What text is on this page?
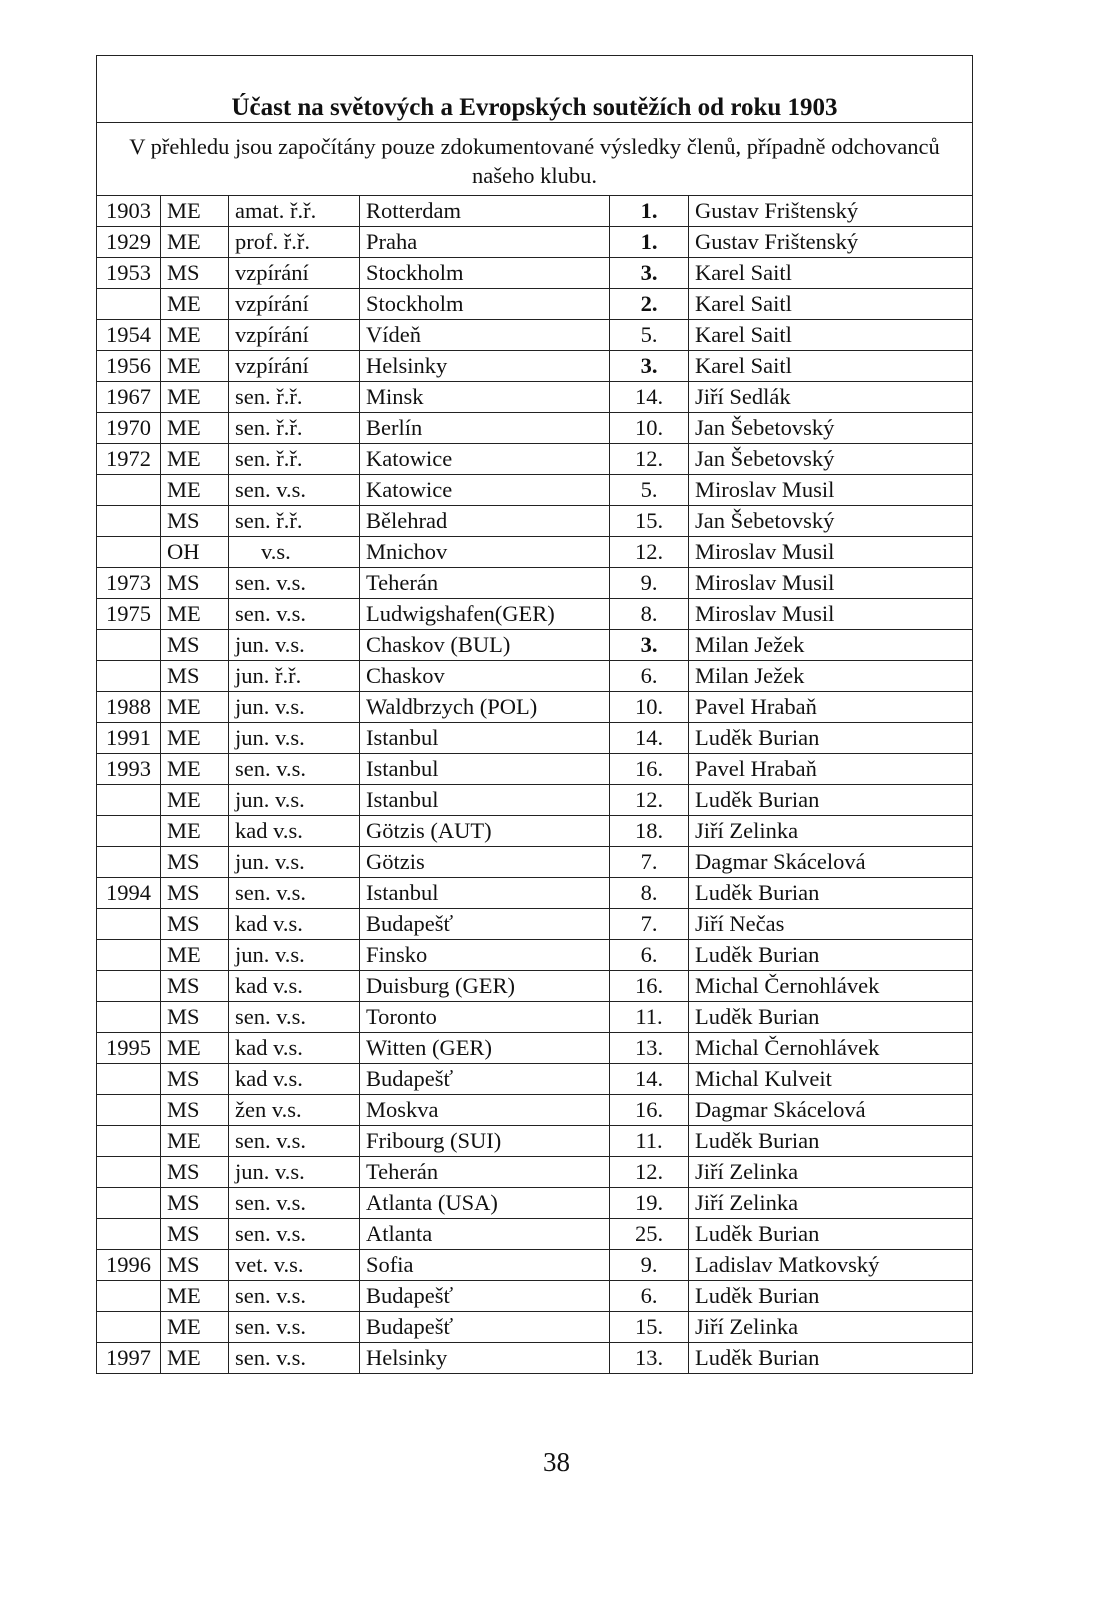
Účast na světových a Evropských soutěžích od roku 1903
V přehledu jsou započítány pouze zdokumentované výsledky členů, případně odchovanců našeho klubu.
1903	ME	amat. ř.ř.	Rotterdam	1.	Gustav Frištenský
1929	ME	prof. ř.ř.	Praha	1.	Gustav Frištenský
1953	MS	vzpírání	Stockholm	3.	Karel Saitl
	ME	vzpírání	Stockholm	2.	Karel Saitl
1954	ME	vzpírání	Vídeň	5.	Karel Saitl
1956	ME	vzpírání	Helsinky	3.	Karel Saitl
1967	ME	sen. ř.ř.	Minsk	14.	Jiří Sedlák
1970	ME	sen. ř.ř.	Berlín	10.	Jan Šebetovský
1972	ME	sen. ř.ř.	Katowice	12.	Jan Šebetovský
	ME	sen. v.s.	Katowice	5.	Miroslav Musil
	MS	sen. ř.ř.	Bělehrad	15.	Jan Šebetovský
	OH	v.s.	Mnichov	12.	Miroslav Musil
1973	MS	sen. v.s.	Teherán	9.	Miroslav Musil
1975	ME	sen. v.s.	Ludwigshafen(GER)	8.	Miroslav Musil
	MS	jun. v.s.	Chaskov (BUL)	3.	Milan Ježek
	MS	jun. ř.ř.	Chaskov	6.	Milan Ježek
1988	ME	jun. v.s.	Waldbrzych (POL)	10.	Pavel Hrabaň
1991	ME	jun. v.s.	Istanbul	14.	Luděk Burian
1993	ME	sen. v.s.	Istanbul	16.	Pavel Hrabaň
	ME	jun. v.s.	Istanbul	12.	Luděk Burian
	ME	kad v.s.	Götzis (AUT)	18.	Jiří Zelinka
	MS	jun. v.s.	Götzis	7.	Dagmar Skácelová
1994	MS	sen. v.s.	Istanbul	8.	Luděk Burian
	MS	kad v.s.	Budapešť	7.	Jiří Nečas
	ME	jun. v.s.	Finsko	6.	Luděk Burian
	MS	kad v.s.	Duisburg (GER)	16.	Michal Černohlávek
	MS	sen. v.s.	Toronto	11.	Luděk Burian
1995	ME	kad v.s.	Witten (GER)	13.	Michal Černohlávek
	MS	kad v.s.	Budapešť	14.	Michal Kulveit
	MS	žen v.s.	Moskva	16.	Dagmar Skácelová
	ME	sen. v.s.	Fribourg (SUI)	11.	Luděk Burian
	MS	jun. v.s.	Teherán	12.	Jiří Zelinka
	MS	sen. v.s.	Atlanta (USA)	19.	Jiří Zelinka
	MS	sen. v.s.	Atlanta	25.	Luděk Burian
1996	MS	vet. v.s.	Sofia	9.	Ladislav Matkovský
	ME	sen. v.s.	Budapešť	6.	Luděk Burian
	ME	sen. v.s.	Budapešť	15.	Jiří Zelinka
1997	ME	sen. v.s.	Helsinky	13.	Luděk Burian
38
